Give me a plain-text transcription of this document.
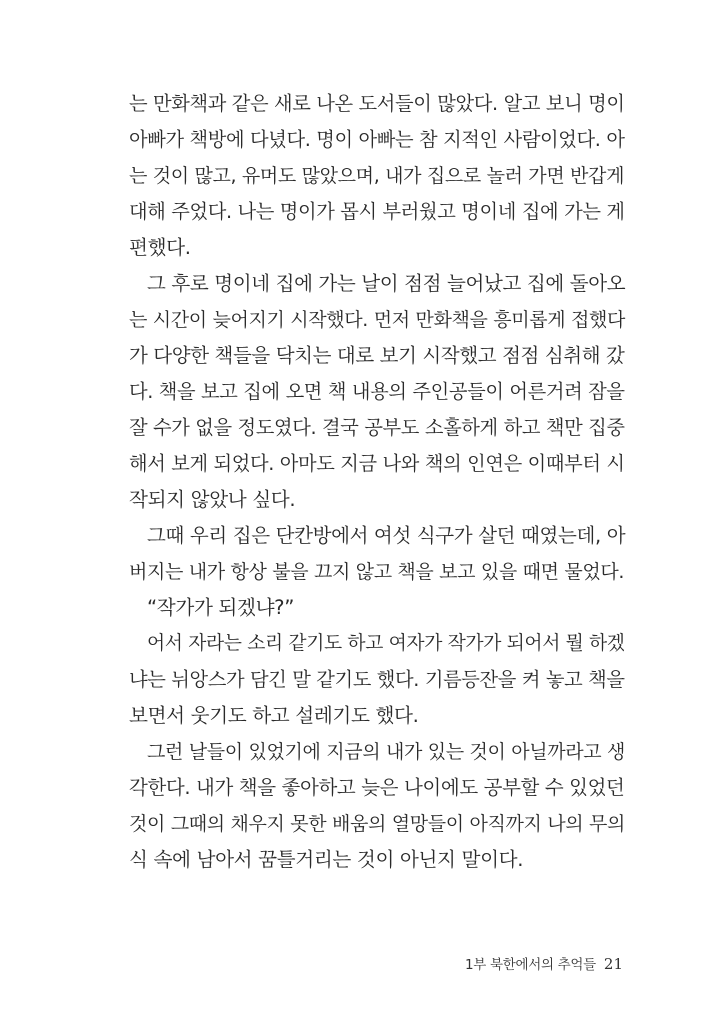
는 만화책과 같은 새로 나온 도서들이 많았다. 알고 보니 명이
아빠가 책방에 다녔다. 명이 아빠는 참 지적인 사람이었다. 아
는 것이 많고, 유머도 많았으며, 내가 집으로 놀러 가면 반갑게
대해 주었다. 나는 명이가 몹시 부러웠고 명이네 집에 가는 게
편했다.
그 후로 명이네 집에 가는 날이 점점 늘어났고 집에 돌아오
는 시간이 늦어지기 시작했다. 먼저 만화책을 흥미롭게 접했다
가 다양한 책들을 닥치는 대로 보기 시작했고 점점 심취해 갔
다. 책을 보고 집에 오면 책 내용의 주인공들이 어른거려 잠을
잘 수가 없을 정도였다. 결국 공부도 소홀하게 하고 책만 집중
해서 보게 되었다. 아마도 지금 나와 책의 인연은 이때부터 시
작되지 않았나 싶다.
그때 우리 집은 단칸방에서 여섯 식구가 살던 때였는데, 아
버지는 내가 항상 불을 끄지 않고 책을 보고 있을 때면 물었다.
“작가가 되겠냐?”
어서 자라는 소리 같기도 하고 여자가 작가가 되어서 뭘 하겠
냐는 뉘앙스가 담긴 말 같기도 했다. 기름등잔을 켜 놓고 책을
보면서 웃기도 하고 설레기도 했다.
그런 날들이 있었기에 지금의 내가 있는 것이 아닐까라고 생
각한다. 내가 책을 좋아하고 늦은 나이에도 공부할 수 있었던
것이 그때의 채우지 못한 배움의 열망들이 아직까지 나의 무의
식 속에 남아서 꿈틀거리는 것이 아닌지 말이다.
1부 북한에서의 추억들 21
